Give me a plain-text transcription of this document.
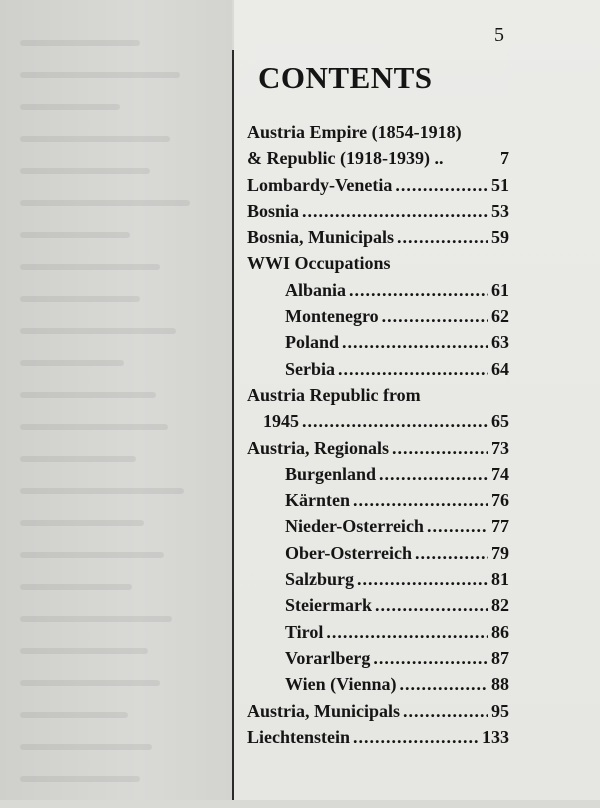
5
CONTENTS
Austria Empire (1854-1918)
& Republic (1918-1939) ..	7
Lombardy-Venetia .....	51
Bosnia .....	53
Bosnia, Municipals .....	59
WWI Occupations
Albania .....	61
Montenegro .....	62
Poland .....	63
Serbia .....	64
Austria Republic from
1945 .....	65
Austria, Regionals .....	73
Burgenland .....	74
Kärnten .....	76
Nieder-Osterreich .....	77
Ober-Osterreich .....	79
Salzburg .....	81
Steiermark .....	82
Tirol .....	86
Vorarlberg .....	87
Wien (Vienna) .....	88
Austria, Municipals .....	95
Liechtenstein .....	133
